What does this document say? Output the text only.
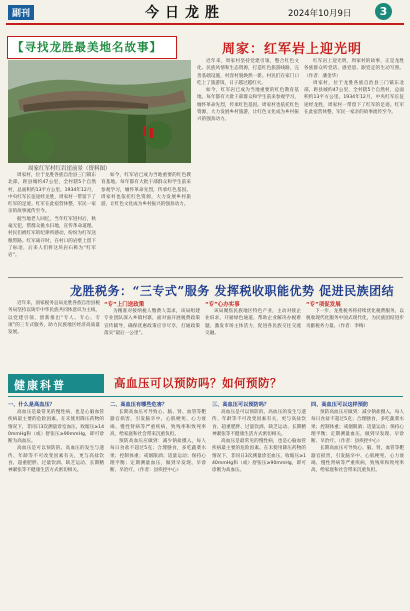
副刊	今日龙胜	2024年10月9日	3
【寻找龙胜最美地名故事】	周家：红军岩上迎光明
周家红军村红岩崖前景（资料图）

周家村，位于龙胜各族自治县三门镇东北部，距县城约47公里，全村辖5个自然村，总面积约13平方公里。1934年12月，中央红军长征途经龙胜，周家村一带留下了红军的足迹。红军在此宿营休整，军民一家亲的故事流传至今。

据当地老人回忆，当年红军进村后，秋毫无犯，帮群众挑水扫地，宣传革命道理。村民们被红军的纪律所感动，纷纷为红军送粮带路。红军离开时，在村口的岩壁上留下了标语，后来人们将这块岩石称为“红军岩”。

如今，红军岩已成为当地重要的红色教育基地。每年都有大批干部群众和学生前来参观学习，缅怀革命先烈，传承红色基因。周家村也依托红色资源，大力发展乡村旅游，让红色文化成为乡村振兴的强劲动力。

近年来，周家村坚持党建引领，整合红色文化、民族风情和生态资源，打造红色旅游线路，完善基础设施，村容村貌焕然一新。村民们在家门口吃上了旅游饭，日子越过越红火。

如今，红军岩已成为当地重要的红色教育基地。每年都有大批干部群众和学生前来参观学习，缅怀革命先烈，传承红色基因。周家村也依托红色资源，大力发展乡村旅游，让红色文化成为乡村振兴的强劲动力。

红军岩上迎光明，周家村的故事，正是龙胜各族群众听党话、感党恩、跟党走的生动写照。（作者：潘金华）

周家村，位于龙胜各族自治县三门镇东北部，距县城约47公里，全村辖5个自然村，总面积约13平方公里。1934年12月，中央红军长征途经龙胜，周家村一带留下了红军的足迹。红军在此宿营休整，军民一家亲的故事流传至今。

龙胜税务：“三专式”服务 发挥税收职能优势 促进民族团结

近年来，国家税务总局龙胜各族自治县税务局坚持以铸牢中华民族共同体意识为主线，以党建引领，创新推出“专人、专心、专项”的三专式服务，助力民族地区经济高质量发展。

“专”上门送政策

为精准对接纳税人缴费人需求，该局组建专业团队深入乡镇村寨，面对面开展税费政策宣传辅导，确保优惠政策应享尽享，打通政策落实“最后一公里”。

“专”心办实事

该局聚焦民族地区特色产业，主动对接企业诉求，开通绿色通道，帮助企业解决办税难题，激发市场主体活力，促进各民族交往交流交融。

“专”项促发展

下一步，龙胜税务将持续优化税费服务，以税收现代化服务中国式现代化，为民族团结进步贡献税务力量。（作者：李梅）

健康科普	高血压可以预防吗？如何预防？
一、什么是高血压？

高血压是最常见的慢性病，也是心脑血管疾病最主要的危险因素。在未使用降压药物的情况下，非同日3次测量诊室血压，收缩压≥140mmHg和（或）舒张压≥90mmHg，即可诊断为高血压。

高血压是可以预防的。高血压的发生与遗传、年龄等不可改变因素有关，更与高盐饮食、超重肥胖、过量饮酒、缺乏运动、长期精神紧张等不健康生活方式密切相关。

二、高血压有哪些危害？

长期高血压可导致心、脑、肾、血管等靶器官损害，引发脑卒中、心肌梗死、心力衰竭、慢性肾病等严重疾病，致残率和致死率高，给家庭和社会带来沉重负担。

预防高血压应做到：减少钠盐摄入，每人每日食盐不超过5克；合理膳食，多吃蔬菜水果；控制体重；戒烟限酒；适量运动；保持心理平衡；定期测量血压，做到早发现、早诊断、早治疗。（作者：县疾控中心）

三、高血压可以预防吗？

高血压是可以预防的。高血压的发生与遗传、年龄等不可改变因素有关，更与高盐饮食、超重肥胖、过量饮酒、缺乏运动、长期精神紧张等不健康生活方式密切相关。

高血压是最常见的慢性病，也是心脑血管疾病最主要的危险因素。在未使用降压药物的情况下，非同日3次测量诊室血压，收缩压≥140mmHg和（或）舒张压≥90mmHg，即可诊断为高血压。

四、高血压可以这样预防

预防高血压应做到：减少钠盐摄入，每人每日食盐不超过5克；合理膳食，多吃蔬菜水果；控制体重；戒烟限酒；适量运动；保持心理平衡；定期测量血压，做到早发现、早诊断、早治疗。（作者：县疾控中心）

长期高血压可导致心、脑、肾、血管等靶器官损害，引发脑卒中、心肌梗死、心力衰竭、慢性肾病等严重疾病，致残率和致死率高，给家庭和社会带来沉重负担。
